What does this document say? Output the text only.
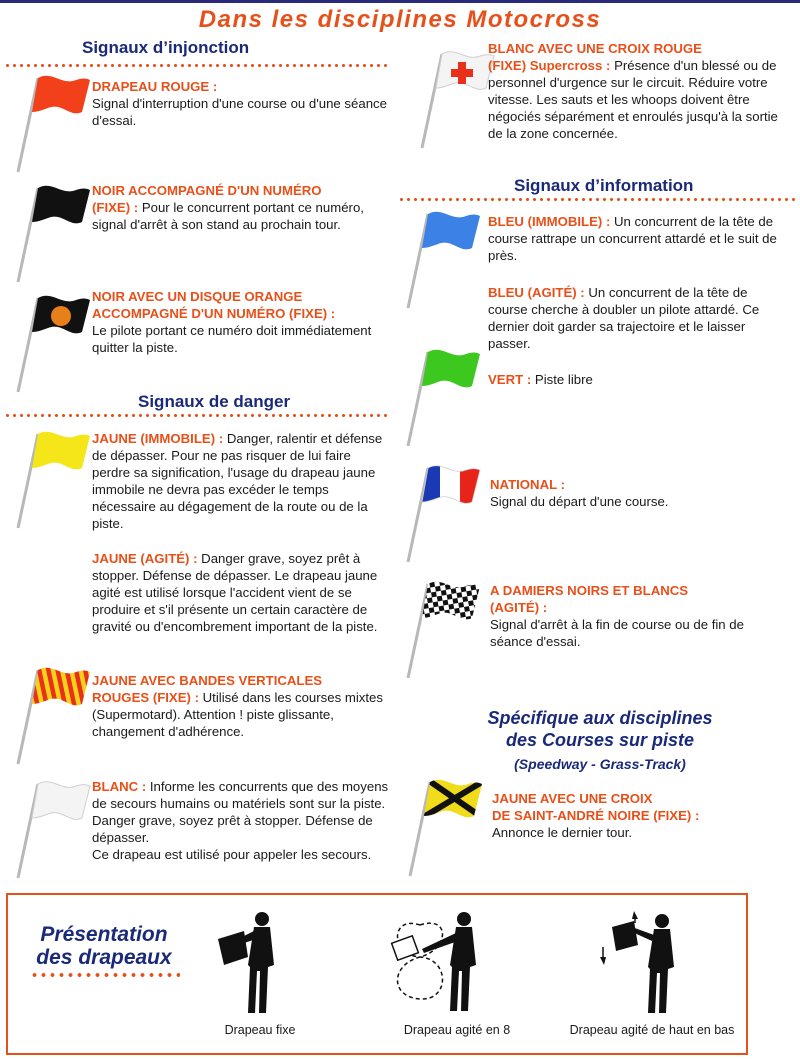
Dans les disciplines Motocross
Signaux d’injonction
DRAPEAU ROUGE :
Signal d'interruption d'une course ou d'une séance d'essai.
NOIR ACCOMPAGNÉ D'UN NUMÉRO
(FIXE) : Pour le concurrent portant ce numéro, signal d'arrêt à son stand au prochain tour.
NOIR AVEC UN DISQUE ORANGE
ACCOMPAGNÉ D'UN NUMÉRO (FIXE) :
Le pilote portant ce numéro doit immédiatement quitter la piste.
Signaux de danger
JAUNE (IMMOBILE) : Danger, ralentir et défense de dépasser. Pour ne pas risquer de lui faire perdre sa signification, l'usage du drapeau jaune immobile ne devra pas excéder le temps nécessaire au dégagement de la route ou de la piste.
JAUNE (AGITÉ) : Danger grave, soyez prêt à stopper. Défense de dépasser. Le drapeau jaune agité est utilisé lorsque l'accident vient de se produire et s'il présente un certain caractère de gravité ou d'encombrement important de la piste.
JAUNE AVEC BANDES VERTICALES
ROUGES (FIXE) : Utilisé dans les courses mixtes (Supermotard). Attention ! piste glissante, changement d'adhérence.
BLANC : Informe les concurrents que des moyens de secours humains ou matériels sont sur la piste. Danger grave, soyez prêt à stopper. Défense de dépasser.
Ce drapeau est utilisé pour appeler les secours.
BLANC AVEC UNE CROIX ROUGE
(FIXE) Supercross : Présence d'un blessé ou de personnel d'urgence sur le circuit. Réduire votre vitesse. Les sauts et les whoops doivent être négociés séparément et enroulés jusqu'à la sortie de la zone concernée.
Signaux d’information
BLEU (IMMOBILE) : Un concurrent de la tête de course rattrape un concurrent attardé et le suit de près.
BLEU (AGITÉ) : Un concurrent de la tête de course cherche à doubler un pilote attardé. Ce dernier doit garder sa trajectoire et le laisser passer.
VERT : Piste libre
NATIONAL :
Signal du départ d'une course.
A DAMIERS NOIRS ET BLANCS
(AGITÉ) :
Signal d'arrêt à la fin de course ou de fin de séance d'essai.
Spécifique aux disciplines
des Courses sur piste
(Speedway - Grass-Track)
JAUNE AVEC UNE CROIX
DE SAINT-ANDRÉ NOIRE (FIXE) :
Annonce le dernier tour.
Présentation
des drapeaux
Drapeau fixe	Drapeau agité en 8	Drapeau agité de haut en bas
